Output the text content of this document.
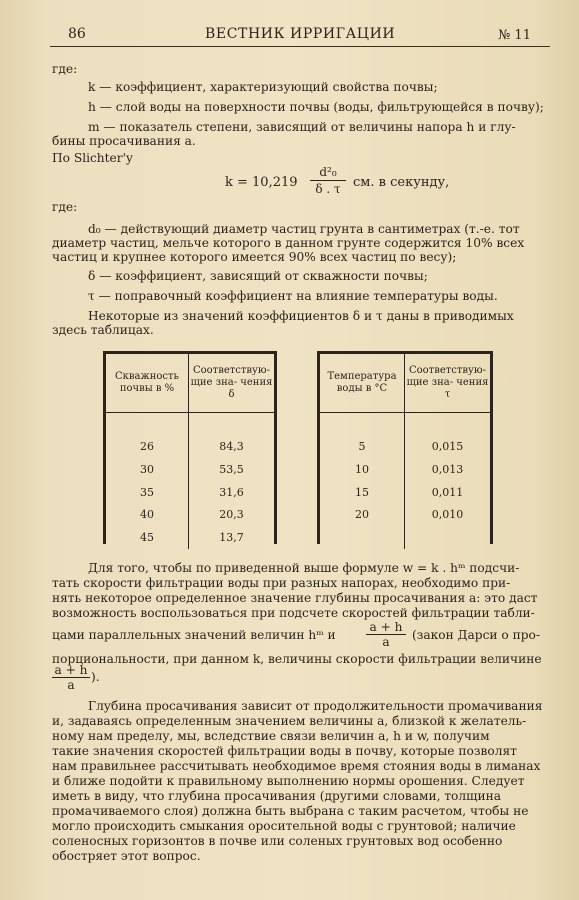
86	ВЕСТНИК ИРРИГАЦИИ	№ 11
где:
k — коэффициент, характеризующий свойства почвы;
h — слой воды на поверхности почвы (воды, фильтрующейся в почву);
m — показатель степени, зависящий от величины напора h и глу-
бины просачивания a.
По Slichter'y
k = 10,219
d²₀
δ . τ см. в секунду,
где:
d₀ — действующий диаметр частиц грунта в сантиметрах (т.-е. тот
диаметр частиц, мельче которого в данном грунте содержится 10% всех
частиц и крупнее которого имеется 90% всех частиц по весу);
δ — коэффициент, зависящий от скважности почвы;
τ — поправочный коэффициент на влияние температуры воды.
Некоторые из значений коэффициентов δ и τ даны в приводимых
здесь таблицах.
Скважность почвы в %	Соответствую- щие зна- чения δ

26	84,3
30	53,5
35	31,6
40	20,3
45	13,7
Температура воды в °C	Соответствую- щие зна- чения τ

5	0,015
10	0,013
15	0,011
20	0,010

Для того, чтобы по приведенной выше формуле w = k . hᵐ подсчи-
тать скорости фильтрации воды при разных напорах, необходимо при-
нять некоторое определенное значение глубины просачивания a: это даст
возможность воспользоваться при подсчете скоростей фильтрации табли-
цами параллельных значений величин hᵐ и
a + h
a	(закон Дарси о про-
порциональности, при данном k, величины скорости фильтрации величине
a + h
a
).
Глубина просачивания зависит от продолжительности промачивания
и, задаваясь определенным значением величины a, близкой к желатель-
ному нам пределу, мы, вследствие связи величин a, h и w, получим
такие значения скоростей фильтрации воды в почву, которые позволят
нам правильнее рассчитывать необходимое время стояния воды в лиманах
и ближе подойти к правильному выполнению нормы орошения. Следует
иметь в виду, что глубина просачивания (другими словами, толщина
промачиваемого слоя) должна быть выбрана с таким расчетом, чтобы не
могло происходить смыкания оросительной воды с грунтовой; наличие
соленосных горизонтов в почве или соленых грунтовых вод особенно
обостряет этот вопрос.
